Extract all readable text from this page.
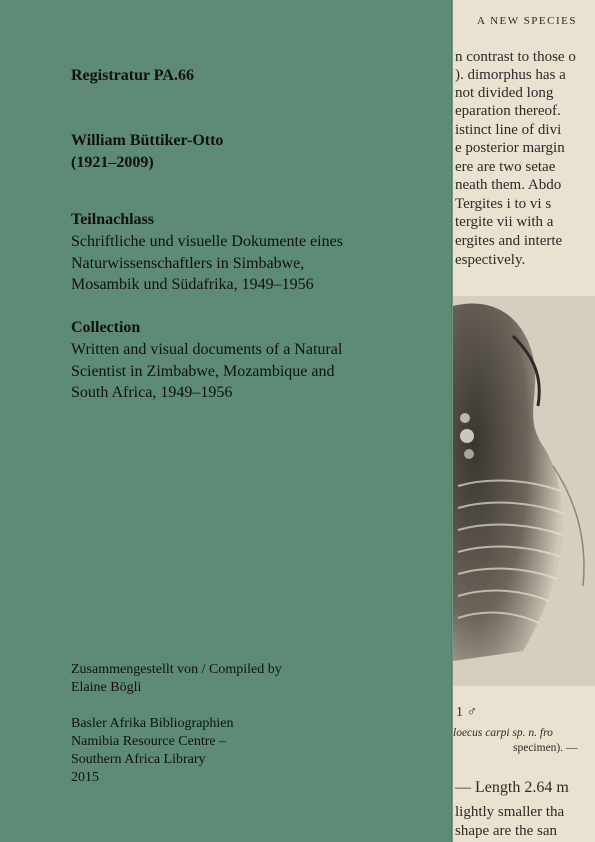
Registratur PA.66

William Büttiker-Otto

(1921–2009)

Teilnachlass

Schriftliche und visuelle Dokumente eines
Naturwissenschaftlers in Simbabwe,
Mosambik und Südafrika, 1949–1956

Collection

Written and visual documents of a Natural
Scientist in Zimbabwe, Mozambique and
South Africa, 1949–1956

Zusammengestellt von / Compiled by

Elaine Bögli

Basler Afrika Bibliographien
Namibia Resource Centre –
Southern Africa Library
2015

A NEW SPECIES

n contrast to those o

). dimorphus has a

not divided long

eparation thereof.

istinct line of divi

e posterior margin

ere are two setae

neath them. Abdo

Tergites i to vi s

tergite vii with a

ergites and interte

espectively.

1 ♂

loecus carpi sp. n. fro

specimen). —

— Length 2.64 m

lightly smaller tha

shape are the san
